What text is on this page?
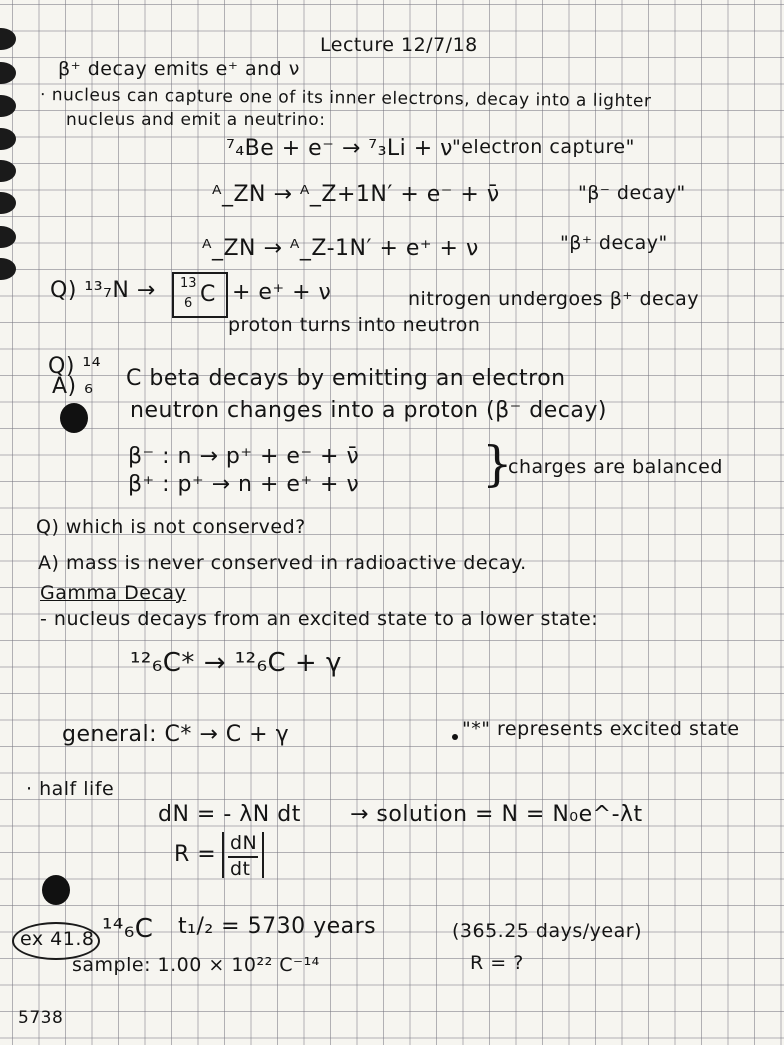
Lecture 12/7/18
β⁺ decay emits e⁺ and ν
· nucleus can capture one of its inner electrons, decay into a lighter
nucleus and emit a neutrino:
⁷₄Be + e⁻ → ⁷₃Li + ν "electron capture"
ᴬ_ZN → ᴬ_Z+1N′ + e⁻ + ν̄	"β⁻ decay"
ᴬ_ZN → ᴬ_Z-1N′ + e⁺ + ν	"β⁺ decay"
Q) ¹³₇N → 13
6 C + e⁺ + ν	nitrogen undergoes β⁺ decay
proton turns into neutron
Q) ¹⁴
A) ₆ C beta decays by emitting an electron
neutron changes into a proton (β⁻ decay)
β⁻ : n → p⁺ + e⁻ + ν̄
β⁺ : p⁺ → n + e⁺ + ν	}
charges are balanced
Q) which is not conserved?
A) mass is never conserved in radioactive decay.
Gamma Decay
- nucleus decays from an excited state to a lower state:
¹²₆C* → ¹²₆C + γ
general: C* → C + γ	"*" represents excited state
· half life
dN = - λN dt → solution = N = N₀e^-λt
R = dN
dt
ex 41.8 ¹⁴₆C t₁/₂ = 5730 years	(365.25 days/year)
sample: 1.00 × 10²² C⁻¹⁴	R = ?
5738
